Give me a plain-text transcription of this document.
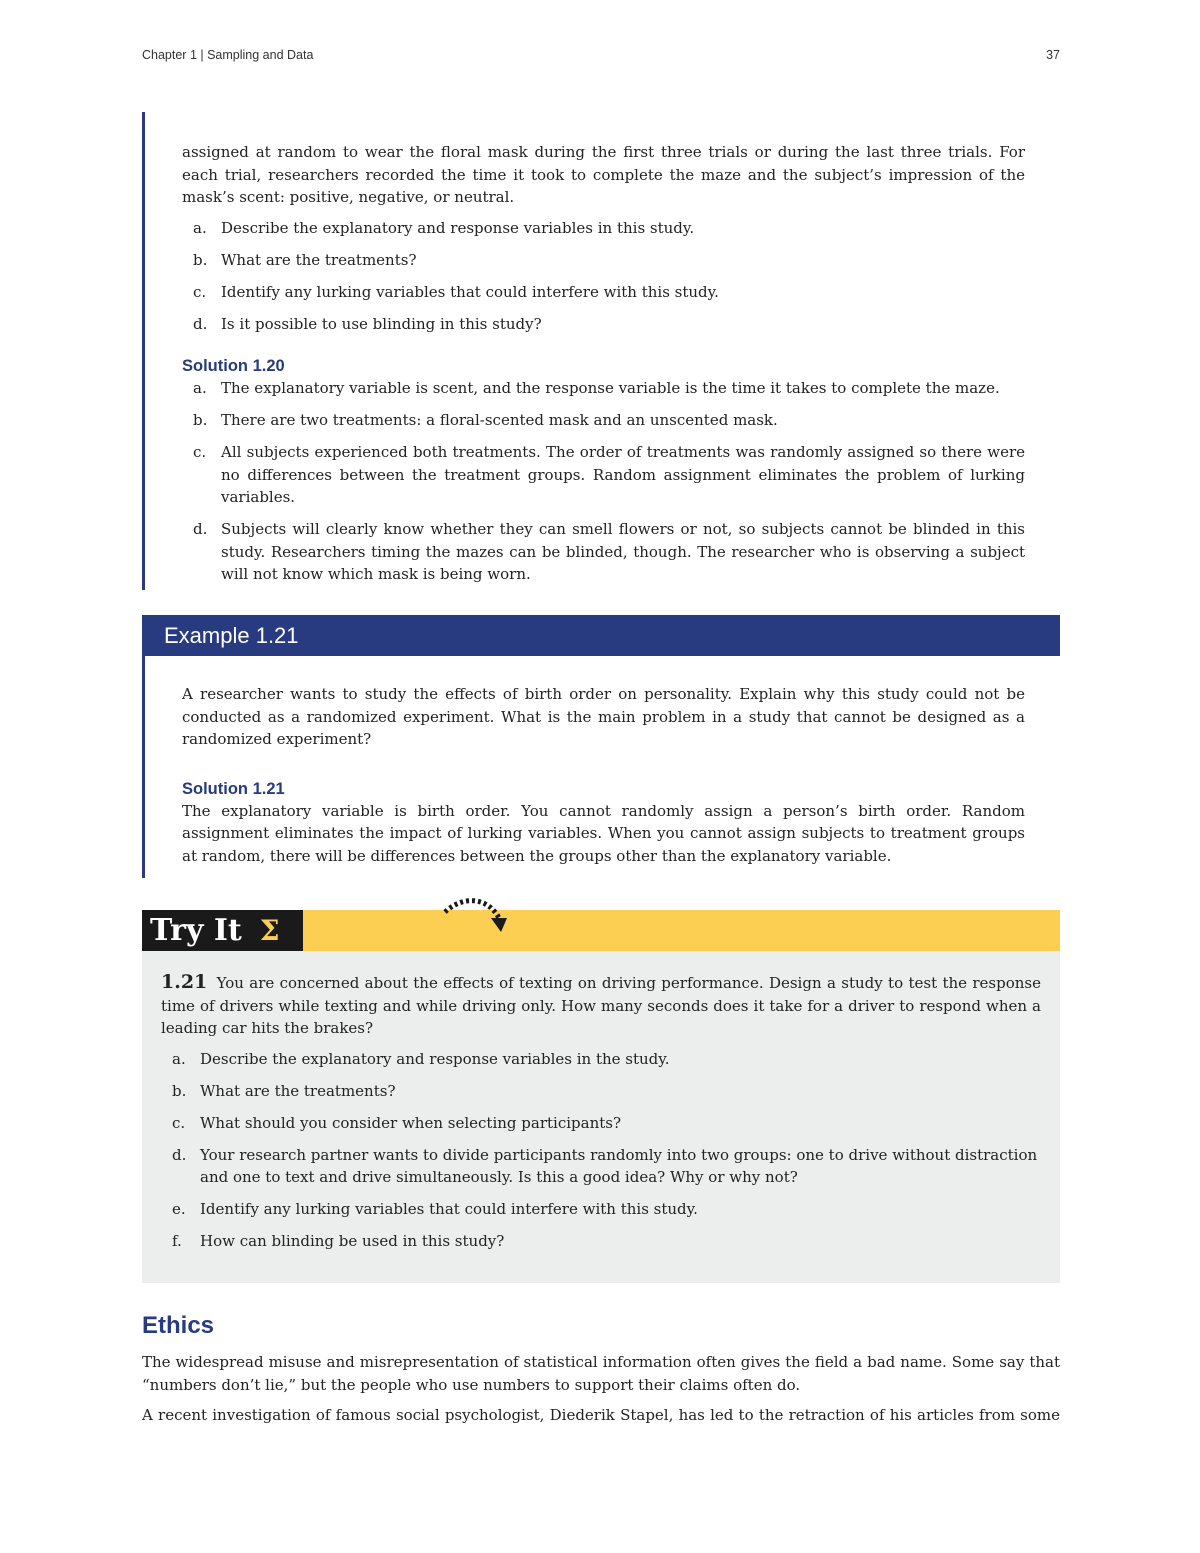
Chapter 1 | Sampling and Data	37

assigned at random to wear the floral mask during the first three trials or during the last three trials. For each trial, researchers recorded the time it took to complete the maze and the subject’s impression of the mask’s scent: positive, negative, or neutral.

a. Describe the explanatory and response variables in this study.
b. What are the treatments?
c. Identify any lurking variables that could interfere with this study.
d. Is it possible to use blinding in this study?

Solution 1.20

a. The explanatory variable is scent, and the response variable is the time it takes to complete the maze.
b. There are two treatments: a floral-scented mask and an unscented mask.
c. All subjects experienced both treatments. The order of treatments was randomly assigned so there were no differences between the treatment groups. Random assignment eliminates the problem of lurking variables.
d. Subjects will clearly know whether they can smell flowers or not, so subjects cannot be blinded in this study. Researchers timing the mazes can be blinded, though. The researcher who is observing a subject will not know which mask is being worn.
Example 1.21

A researcher wants to study the effects of birth order on personality. Explain why this study could not be conducted as a randomized experiment. What is the main problem in a study that cannot be designed as a randomized experiment?

Solution 1.21

The explanatory variable is birth order. You cannot randomly assign a person’s birth order. Random assignment eliminates the impact of lurking variables. When you cannot assign subjects to treatment groups at random, there will be differences between the groups other than the explanatory variable.

Try It Σ

1.21 You are concerned about the effects of texting on driving performance. Design a study to test the response time of drivers while texting and while driving only. How many seconds does it take for a driver to respond when a leading car hits the brakes?

a. Describe the explanatory and response variables in the study.
b. What are the treatments?
c. What should you consider when selecting participants?
d. Your research partner wants to divide participants randomly into two groups: one to drive without distraction and one to text and drive simultaneously. Is this a good idea? Why or why not?
e. Identify any lurking variables that could interfere with this study.
f.	How can blinding be used in this study?
Ethics

The widespread misuse and misrepresentation of statistical information often gives the field a bad name. Some say that “numbers don’t lie,” but the people who use numbers to support their claims often do.

A recent investigation of famous social psychologist, Diederik Stapel, has led to the retraction of his articles from some
